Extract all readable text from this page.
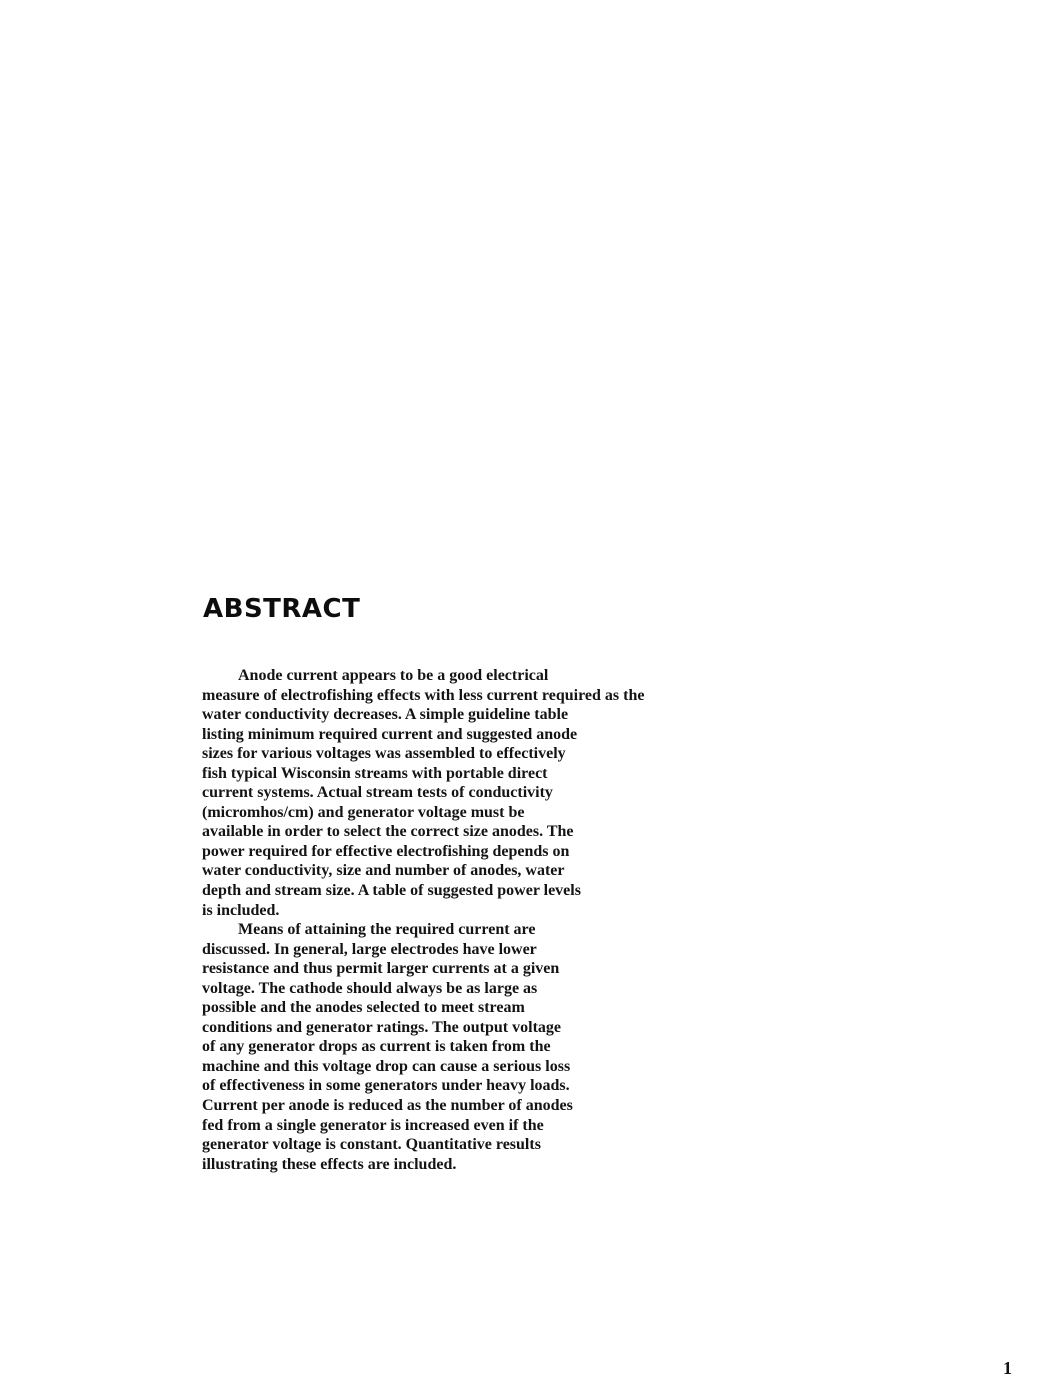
ABSTRACT
Anode current appears to be a good electrical
measure of electrofishing effects with less current required as the
water conductivity decreases. A simple guideline table
listing minimum required current and suggested anode
sizes for various voltages was assembled to effectively
fish typical Wisconsin streams with portable direct
current systems. Actual stream tests of conductivity
(micromhos/cm) and generator voltage must be
available in order to select the correct size anodes. The
power required for effective electrofishing depends on
water conductivity, size and number of anodes, water
depth and stream size. A table of suggested power levels
is included.
Means of attaining the required current are
discussed. In general, large electrodes have lower
resistance and thus permit larger currents at a given
voltage. The cathode should always be as large as
possible and the anodes selected to meet stream
conditions and generator ratings. The output voltage
of any generator drops as current is taken from the
machine and this voltage drop can cause a serious loss
of effectiveness in some generators under heavy loads.
Current per anode is reduced as the number of anodes
fed from a single generator is increased even if the
generator voltage is constant. Quantitative results
illustrating these effects are included.
1
